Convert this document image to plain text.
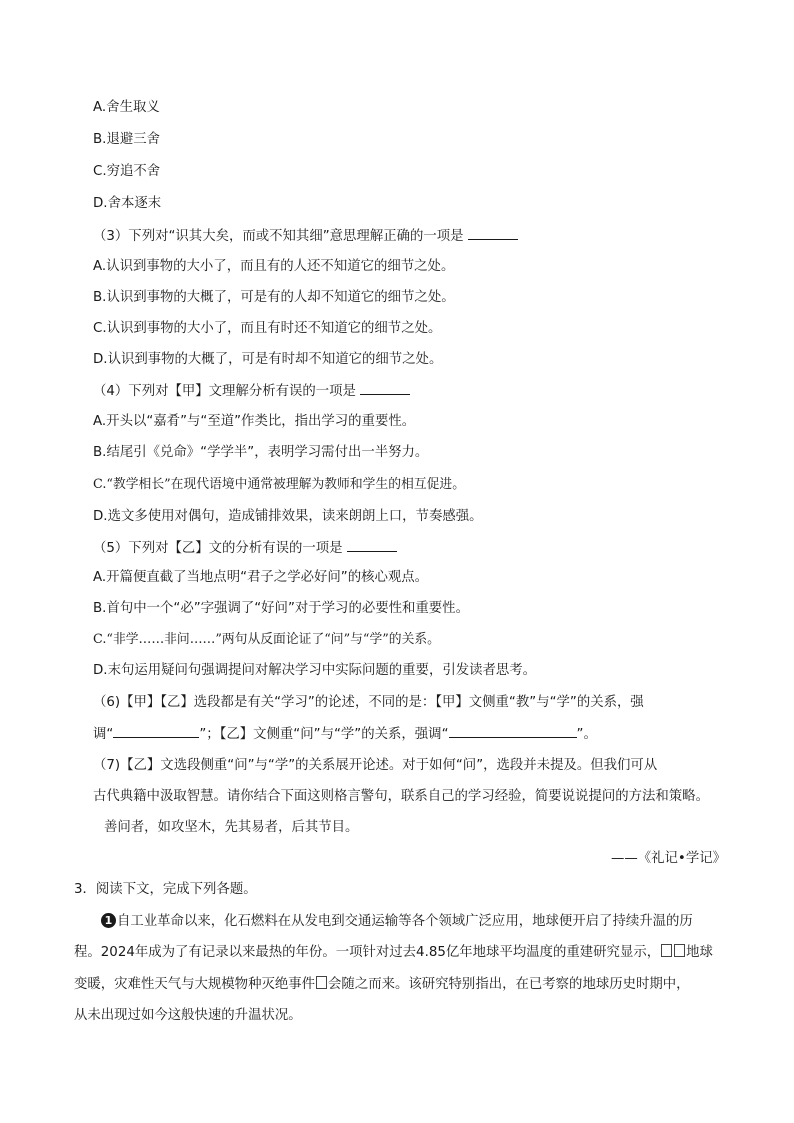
A.舍生取义
B.退避三舍
C.穷追不舍
D.舍本逐末
（3）下列对“识其大矣，而或不知其细”意思理解正确的一项是
A.认识到事物的大小了，而且有的人还不知道它的细节之处。
B.认识到事物的大概了，可是有的人却不知道它的细节之处。
C.认识到事物的大小了，而且有时还不知道它的细节之处。
D.认识到事物的大概了，可是有时却不知道它的细节之处。
（4）下列对【甲】文理解分析有误的一项是
A.开头以“嘉肴”与“至道”作类比，指出学习的重要性。
B.结尾引《兑命》“学学半”，表明学习需付出一半努力。
C.“教学相长”在现代语境中通常被理解为教师和学生的相互促进。
D.选文多使用对偶句，造成铺排效果，读来朗朗上口，节奏感强。
（5）下列对【乙】文的分析有误的一项是
A.开篇便直截了当地点明“君子之学必好问”的核心观点。
B.首句中一个“必”字强调了“好问”对于学习的必要性和重要性。
C.“非学……非问……”两句从反面论证了“问”与“学”的关系。
D.末句运用疑问句强调提问对解决学习中实际问题的重要，引发读者思考。
（6)【甲】【乙】选段都是有关“学习”的论述，不同的是：【甲】文侧重“教”与“学”的关系，强
调“	”；【乙】文侧重“问”与“学”的关系，强调“	”。
（7)【乙】文选段侧重“问”与“学”的关系展开论述。对于如何“问”，选段并未提及。但我们可从
古代典籍中汲取智慧。请你结合下面这则格言警句，联系自己的学习经验，简要说说提问的方法和策略。
善问者，如攻坚木，先其易者，后其节目。
——《礼记•学记》
3．阅读下文，完成下列各题。
1 自工业革命以来，化石燃料在从发电到交通运输等各个领域广泛应用，地球便开启了持续升温的历
程。2024年成为了有记录以来最热的年份。一项针对过去4.85亿年地球平均温度的重建研究显示， 地球
变暖，灾难性天气与大规模物种灭绝事件 会随之而来。该研究特别指出，在已考察的地球历史时期中，
从未出现过如今这般快速的升温状况。
